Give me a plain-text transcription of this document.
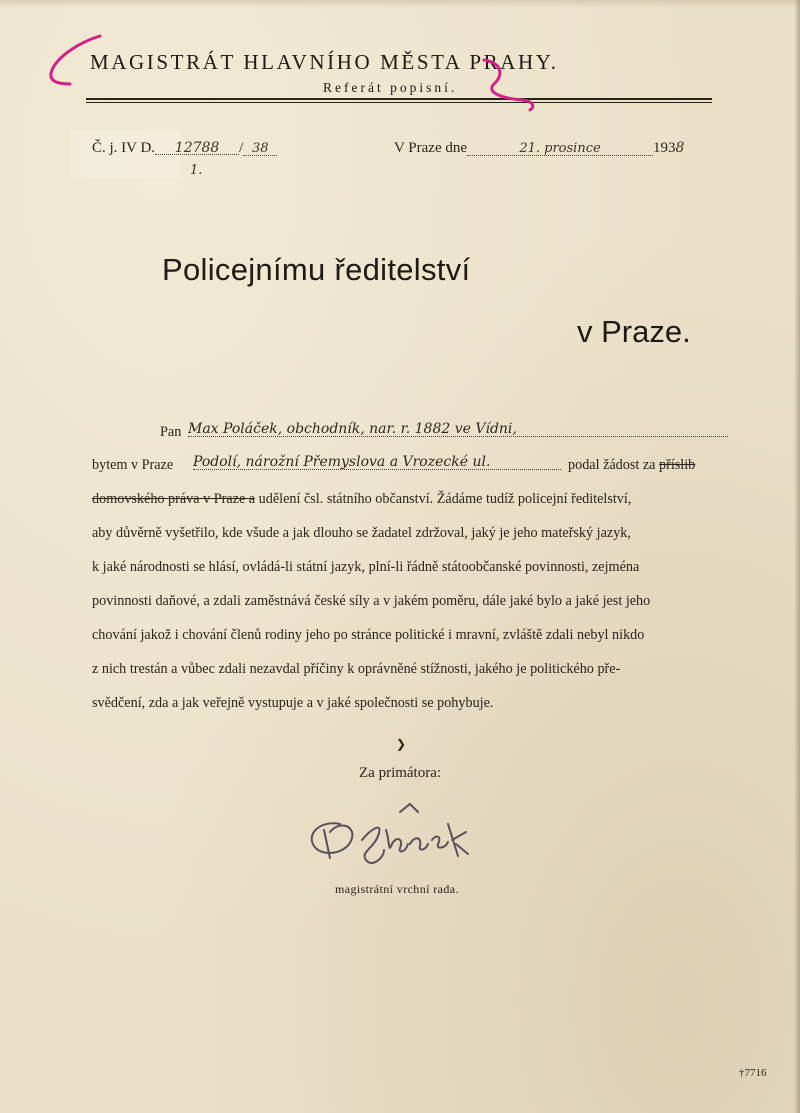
MAGISTRÁT HLAVNÍHO MĚSTA PRAHY.
Referát popisní.
Č. j. IV D. 12788 / 38
1.
V Praze dne	21. prosince	1938
Policejnímu ředitelství
v Praze.
Pan Max Poláček, obchodník, nar. r. 1882 ve Vídni,
bytem v Praze Podolí, nárožní Přemyslova a Vrozecké ul.	podal žádost za příslib
domovského práva v Praze a udělení čsl. státního občanství. Žádáme tudíž policejní ředitelství,
aby důvěrně vyšetřilo, kde všude a jak dlouho se žadatel zdržoval, jaký je jeho mateřský jazyk,
k jaké národnosti se hlásí, ovládá-li státní jazyk, plní-li řádně státoobčanské povinnosti, zejména
povinnosti daňové, a zdali zaměstnává české síly a v jakém poměru, dále jaké bylo a jaké jest jeho
chování jakož i chování členů rodiny jeho po stránce politické i mravní, zvláště zdali nebyl nikdo
z nich trestán a vůbec zdali nezavdal příčiny k oprávněné stížnosti, jakého je politického pře-
svědčení, zda a jak veřejně vystupuje a v jaké společnosti se pohybuje.
❯
Za primátora:
magistrátní vrchní rada.
†7716
